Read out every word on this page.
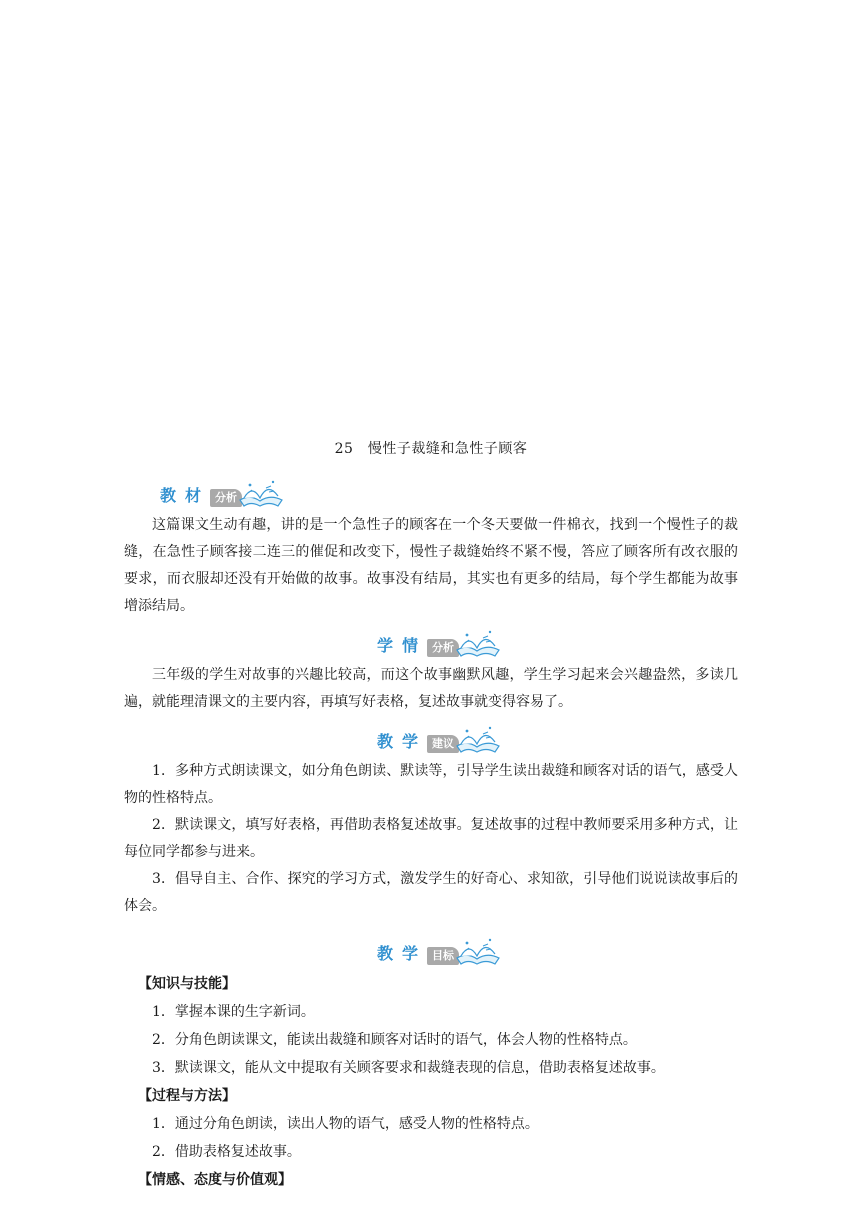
25　慢性子裁缝和急性子顾客

教材 分析

这篇课文生动有趣，讲的是一个急性子的顾客在一个冬天要做一件棉衣，找到一个慢性子的裁缝，在急性子顾客接二连三的催促和改变下，慢性子裁缝始终不紧不慢，答应了顾客所有改衣服的要求，而衣服却还没有开始做的故事。故事没有结局，其实也有更多的结局，每个学生都能为故事增添结局。

学情 分析

三年级的学生对故事的兴趣比较高，而这个故事幽默风趣，学生学习起来会兴趣盎然，多读几遍，就能理清课文的主要内容，再填写好表格，复述故事就变得容易了。

教学 建议

1．多种方式朗读课文，如分角色朗读、默读等，引导学生读出裁缝和顾客对话的语气，感受人物的性格特点。

2．默读课文，填写好表格，再借助表格复述故事。复述故事的过程中教师要采用多种方式，让每位同学都参与进来。

3．倡导自主、合作、探究的学习方式，激发学生的好奇心、求知欲，引导他们说说读故事后的体会。

教学 目标

【知识与技能】

1．掌握本课的生字新词。

2．分角色朗读课文，能读出裁缝和顾客对话时的语气，体会人物的性格特点。

3．默读课文，能从文中提取有关顾客要求和裁缝表现的信息，借助表格复述故事。

【过程与方法】

1．通过分角色朗读，读出人物的语气，感受人物的性格特点。

2．借助表格复述故事。

【情感、态度与价值观】
